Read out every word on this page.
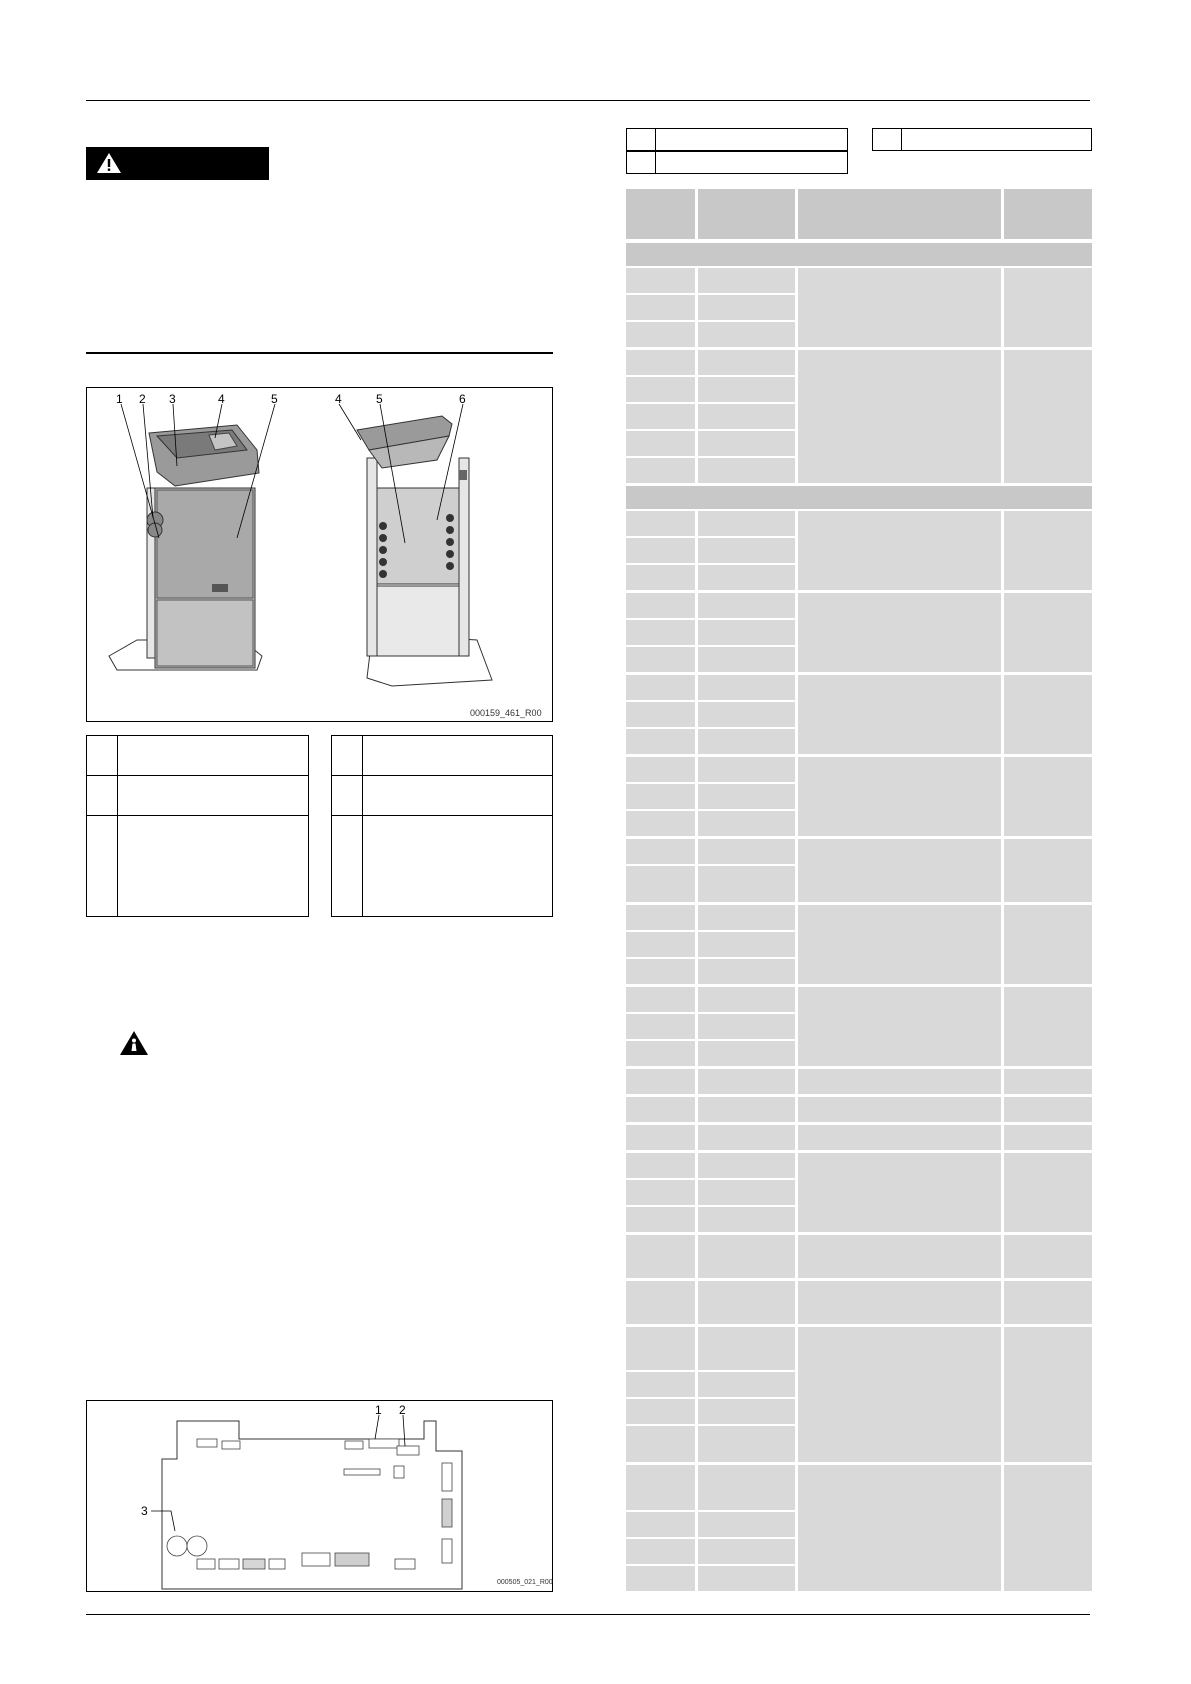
1 2 3	4	5	4	5	6
000159_461_R00
1 2
3
000505_021_R00
